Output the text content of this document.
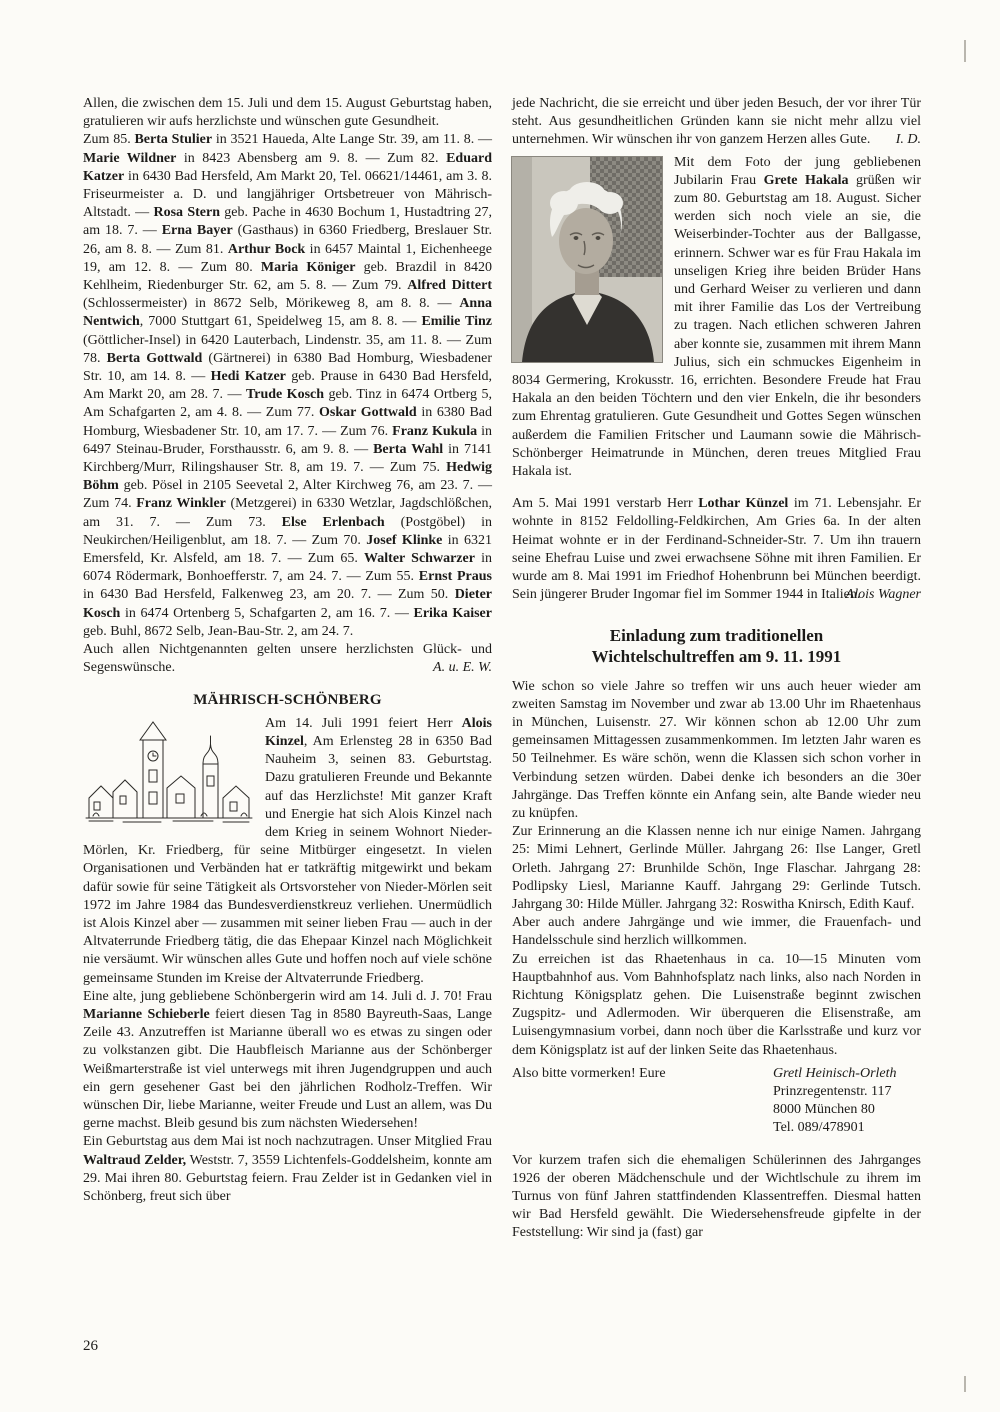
Allen, die zwischen dem 15. Juli und dem 15. August Geburtstag haben, gratulieren wir aufs herzlichste und wünschen gute Gesundheit.
Zum 85. Berta Stulier in 3521 Haueda, Alte Lange Str. 39, am 11. 8. — Marie Wildner in 8423 Abensberg am 9. 8. — Zum 82. Eduard Katzer in 6430 Bad Hersfeld, Am Markt 20, Tel. 06621/14461, am 3. 8. Friseurmeister a. D. und langjähriger Ortsbetreuer von Mährisch-Altstadt. — Rosa Stern geb. Pache in 4630 Bochum 1, Hustadtring 27, am 18. 7. — Erna Bayer (Gasthaus) in 6360 Friedberg, Breslauer Str. 26, am 8. 8. — Zum 81. Arthur Bock in 6457 Maintal 1, Eichenheege 19, am 12. 8. — Zum 80. Maria Königer geb. Brazdil in 8420 Kehlheim, Riedenburger Str. 62, am 5. 8. — Zum 79. Alfred Dittert (Schlossermeister) in 8672 Selb, Mörikeweg 8, am 8. 8. — Anna Nentwich, 7000 Stuttgart 61, Speidelweg 15, am 8. 8. — Emilie Tinz (Göttlicher-Insel) in 6420 Lauterbach, Lindenstr. 35, am 11. 8. — Zum 78. Berta Gottwald (Gärtnerei) in 6380 Bad Homburg, Wiesbadener Str. 10, am 14. 8. — Hedi Katzer geb. Prause in 6430 Bad Hersfeld, Am Markt 20, am 28. 7. — Trude Kosch geb. Tinz in 6474 Ortberg 5, Am Schafgarten 2, am 4. 8. — Zum 77. Oskar Gottwald in 6380 Bad Homburg, Wiesbadener Str. 10, am 17. 7. — Zum 76. Franz Kukula in 6497 Steinau-Bruder, Forsthausstr. 6, am 9. 8. — Berta Wahl in 7141 Kirchberg/Murr, Rilingshauser Str. 8, am 19. 7. — Zum 75. Hedwig Böhm geb. Pösel in 2105 Seevetal 2, Alter Kirchweg 76, am 23. 7. — Zum 74. Franz Winkler (Metzgerei) in 6330 Wetzlar, Jagdschlößchen, am 31. 7. — Zum 73. Else Erlenbach (Postgöbel) in Neukirchen/Heiligenblut, am 18. 7. — Zum 70. Josef Klinke in 6321 Emersfeld, Kr. Alsfeld, am 18. 7. — Zum 65. Walter Schwarzer in 6074 Rödermark, Bonhoefferstr. 7, am 24. 7. — Zum 55. Ernst Praus in 6430 Bad Hersfeld, Falkenweg 23, am 20. 7. — Zum 50. Dieter Kosch in 6474 Ortenberg 5, Schafgarten 2, am 16. 7. — Erika Kaiser geb. Buhl, 8672 Selb, Jean-Bau-Str. 2, am 24. 7.
Auch allen Nichtgenannten gelten unsere herzlichsten Glück- und Segenswünsche.	A. u. E. W.
MÄHRISCH-SCHÖNBERG
Am 14. Juli 1991 feiert Herr Alois Kinzel, Am Erlensteg 28 in 6350 Bad Nauheim 3, seinen 83. Geburtstag. Dazu gratulieren Freunde und Bekannte auf das Herzlichste! Mit ganzer Kraft und Energie hat sich Alois Kinzel nach dem Krieg in seinem Wohnort Nieder-Mörlen, Kr. Friedberg, für seine Mitbürger eingesetzt. In vielen Organisationen und Verbänden hat er tatkräftig mitgewirkt und bekam dafür sowie für seine Tätigkeit als Ortsvorsteher von Nieder-Mörlen seit 1972 im Jahre 1984 das Bundesverdienstkreuz verliehen. Unermüdlich ist Alois Kinzel aber — zusammen mit seiner lieben Frau — auch in der Altvaterrunde Friedberg tätig, die das Ehepaar Kinzel nach Möglichkeit nie versäumt. Wir wünschen alles Gute und hoffen noch auf viele schöne gemeinsame Stunden im Kreise der Altvaterrunde Friedberg.
Eine alte, jung gebliebene Schönbergerin wird am 14. Juli d. J. 70! Frau Marianne Schieberle feiert diesen Tag in 8580 Bayreuth-Saas, Lange Zeile 43. Anzutreffen ist Marianne überall wo es etwas zu singen oder zu volkstanzen gibt. Die Haubfleisch Marianne aus der Schönberger Weißmarterstraße ist viel unterwegs mit ihren Jugendgruppen und auch ein gern gesehener Gast bei den jährlichen Rodholz-Treffen. Wir wünschen Dir, liebe Marianne, weiter Freude und Lust an allem, was Du gerne machst. Bleib gesund bis zum nächsten Wiedersehen!
Ein Geburtstag aus dem Mai ist noch nachzutragen. Unser Mitglied Frau Waltraud Zelder, Weststr. 7, 3559 Lichtenfels-Goddelsheim, konnte am 29. Mai ihren 80. Geburtstag feiern. Frau Zelder ist in Gedanken viel in Schönberg, freut sich über
jede Nachricht, die sie erreicht und über jeden Besuch, der vor ihrer Tür steht. Aus gesundheitlichen Gründen kann sie nicht mehr allzu viel unternehmen. Wir wünschen ihr von ganzem Herzen alles Gute.	I. D.
Mit dem Foto der jung gebliebenen Jubilarin Frau Grete Hakala grüßen wir zum 80. Geburtstag am 18. August. Sicher werden sich noch viele an sie, die Weiserbinder-Tochter aus der Ballgasse, erinnern. Schwer war es für Frau Hakala im unseligen Krieg ihre beiden Brüder Hans und Gerhard Weiser zu verlieren und dann mit ihrer Familie das Los der Vertreibung zu tragen. Nach etlichen schweren Jahren aber konnte sie, zusammen mit ihrem Mann Julius, sich ein schmuckes Eigenheim in 8034 Germering, Krokusstr. 16, errichten. Besondere Freude hat Frau Hakala an den beiden Töchtern und den vier Enkeln, die ihr besonders zum Ehrentag gratulieren. Gute Gesundheit und Gottes Segen wünschen außerdem die Familien Fritscher und Laumann sowie die Mährisch-Schönberger Heimatrunde in München, deren treues Mitglied Frau Hakala ist.
Am 5. Mai 1991 verstarb Herr Lothar Künzel im 71. Lebensjahr. Er wohnte in 8152 Feldolling-Feldkirchen, Am Gries 6a. In der alten Heimat wohnte er in der Ferdinand-Schneider-Str. 7. Um ihn trauern seine Ehefrau Luise und zwei erwachsene Söhne mit ihren Familien. Er wurde am 8. Mai 1991 im Friedhof Hohenbrunn bei München beerdigt. Sein jüngerer Bruder Ingomar fiel im Sommer 1944 in Italien.
Alois Wagner
Einladung zum traditionellen
Wichtelschultreffen am 9. 11. 1991
Wie schon so viele Jahre so treffen wir uns auch heuer wieder am zweiten Samstag im November und zwar ab 13.00 Uhr im Rhaetenhaus in München, Luisenstr. 27. Wir können schon ab 12.00 Uhr zum gemeinsamen Mittagessen zusammenkommen. Im letzten Jahr waren es 50 Teilnehmer. Es wäre schön, wenn die Klassen sich schon vorher in Verbindung setzen würden. Dabei denke ich besonders an die 30er Jahrgänge. Das Treffen könnte ein Anfang sein, alte Bande wieder neu zu knüpfen.
Zur Erinnerung an die Klassen nenne ich nur einige Namen. Jahrgang 25: Mimi Lehnert, Gerlinde Müller. Jahrgang 26: Ilse Langer, Gretl Orleth. Jahrgang 27: Brunhilde Schön, Inge Flaschar. Jahrgang 28: Podlipsky Liesl, Marianne Kauff. Jahrgang 29: Gerlinde Tutsch. Jahrgang 30: Hilde Müller. Jahrgang 32: Roswitha Knirsch, Edith Kauf.
Aber auch andere Jahrgänge und wie immer, die Frauenfach- und Handelsschule sind herzlich willkommen.
Zu erreichen ist das Rhaetenhaus in ca. 10—15 Minuten vom Hauptbahnhof aus. Vom Bahnhofsplatz nach links, also nach Norden in Richtung Königsplatz gehen. Die Luisenstraße beginnt zwischen Zugspitz- und Adlermoden. Wir überqueren die Elisenstraße, am Luisengymnasium vorbei, dann noch über die Karlsstraße und kurz vor dem Königsplatz ist auf der linken Seite das Rhaetenhaus.
Also bitte vormerken! Eure	Gretl Heinisch-Orleth
Prinzregentenstr. 117
8000 München 80
Tel. 089/478901
Vor kurzem trafen sich die ehemaligen Schülerinnen des Jahrganges 1926 der oberen Mädchenschule und der Wichtlschule zu ihrem im Turnus von fünf Jahren stattfindenden Klassentreffen. Diesmal hatten wir Bad Hersfeld gewählt. Die Wiedersehensfreude gipfelte in der Feststellung: Wir sind ja (fast) gar
26
